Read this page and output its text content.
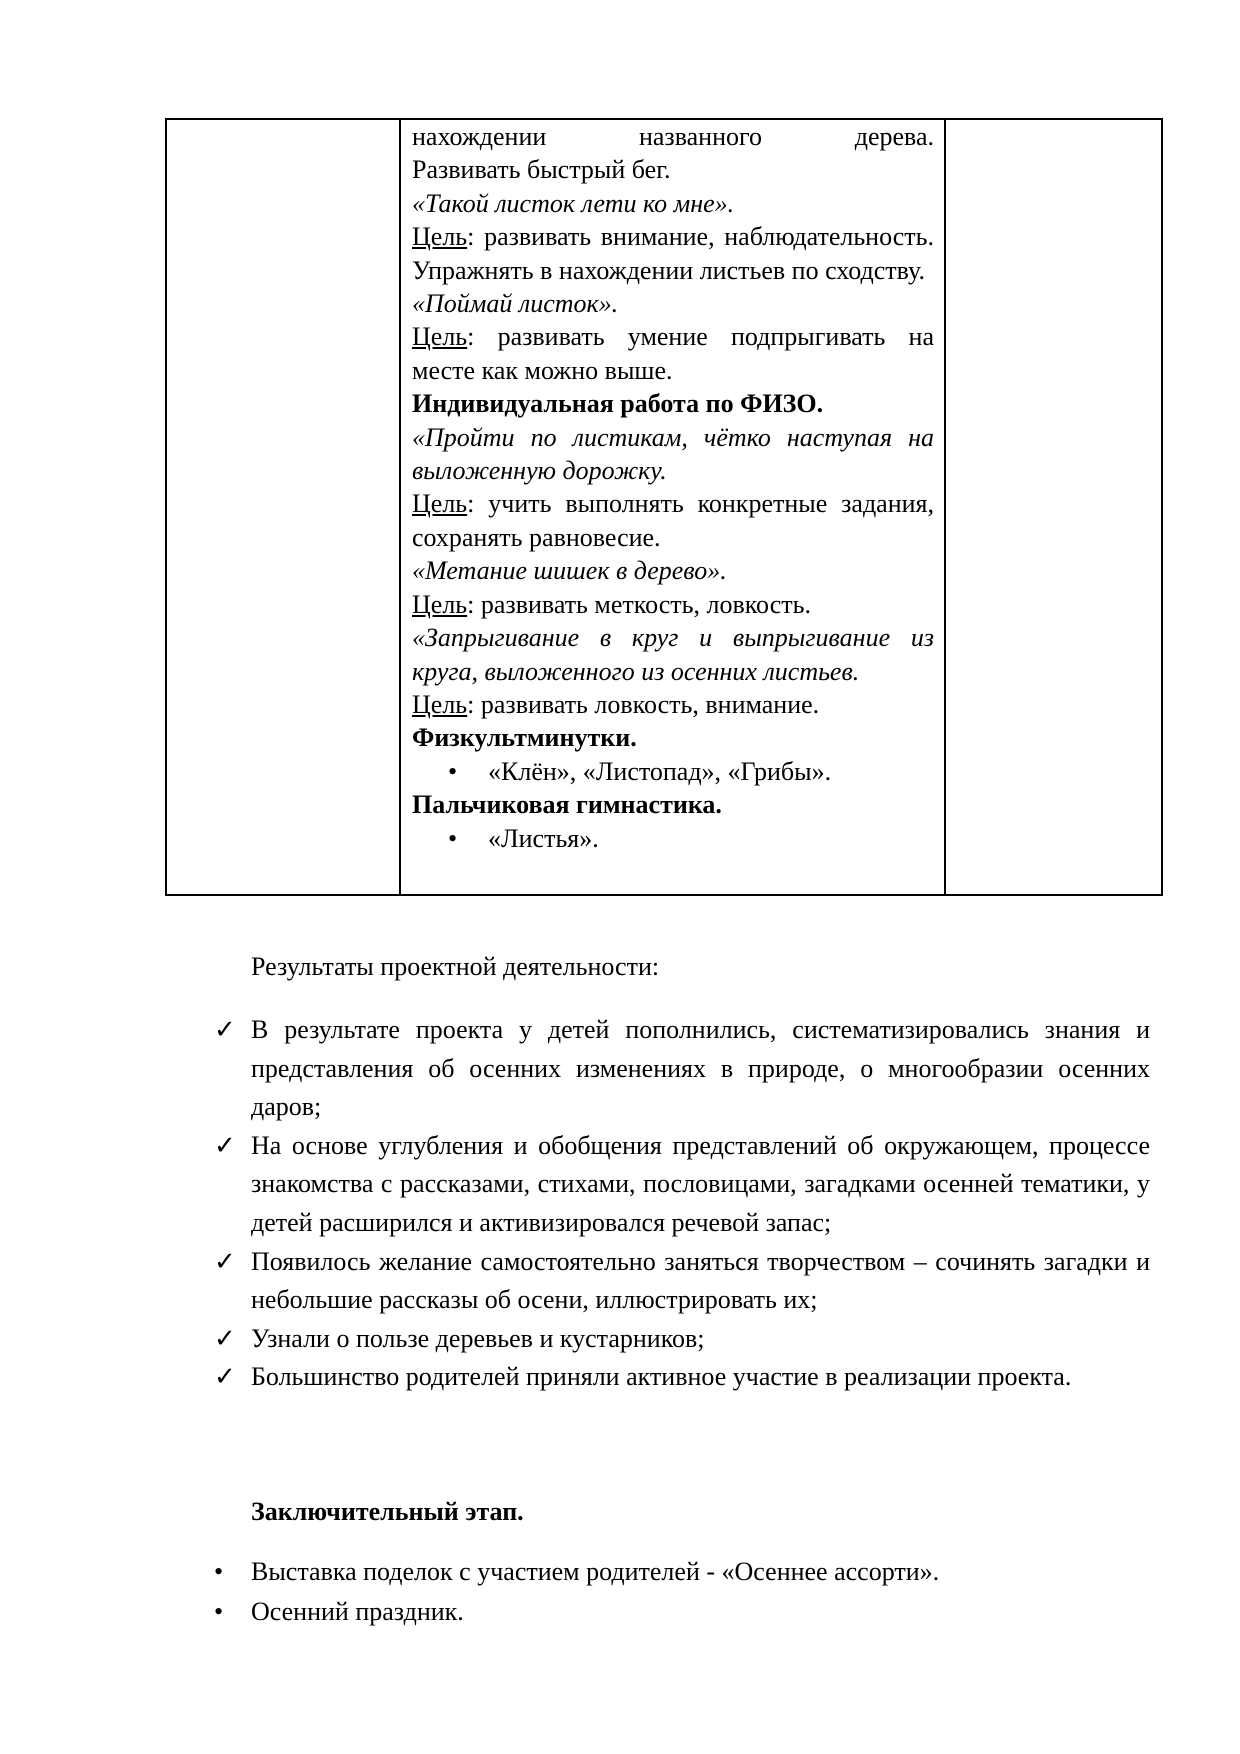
нахождении названного дерева.
Развивать быстрый бег.
«Такой листок лети ко мне».
Цель: развивать внимание, наблюдательность. Упражнять в нахождении листьев по сходству.
«Поймай листок».
Цель: развивать умение подпрыгивать на месте как можно выше.
Индивидуальная работа по ФИЗО.
«Пройти по листикам, чётко наступая на выложенную дорожку.
Цель: учить выполнять конкретные задания, сохранять равновесие.
«Метание шишек в дерево».
Цель: развивать меткость, ловкость.
«Запрыгивание в круг и выпрыгивание из круга, выложенного из осенних листьев.
Цель: развивать ловкость, внимание.
Физкультминутки.
• «Клён», «Листопад», «Грибы».
Пальчиковая гимнастика.
• «Листья».

Результаты проектной деятельности:
✓ В результате проекта у детей пополнились, систематизировались знания и представления об осенних изменениях в природе, о многообразии осенних даров;
✓ На основе углубления и обобщения представлений об окружающем, процессе знакомства с рассказами, стихами, пословицами, загадками осенней тематики, у детей расширился и активизировался речевой запас;
✓ Появилось желание самостоятельно заняться творчеством – сочинять загадки и небольшие рассказы об осени, иллюстрировать их;
✓ Узнали о пользе деревьев и кустарников;
✓ Большинство родителей приняли активное участие в реализации проекта.
Заключительный этап.
• Выставка поделок с участием родителей - «Осеннее ассорти».
• Осенний праздник.
